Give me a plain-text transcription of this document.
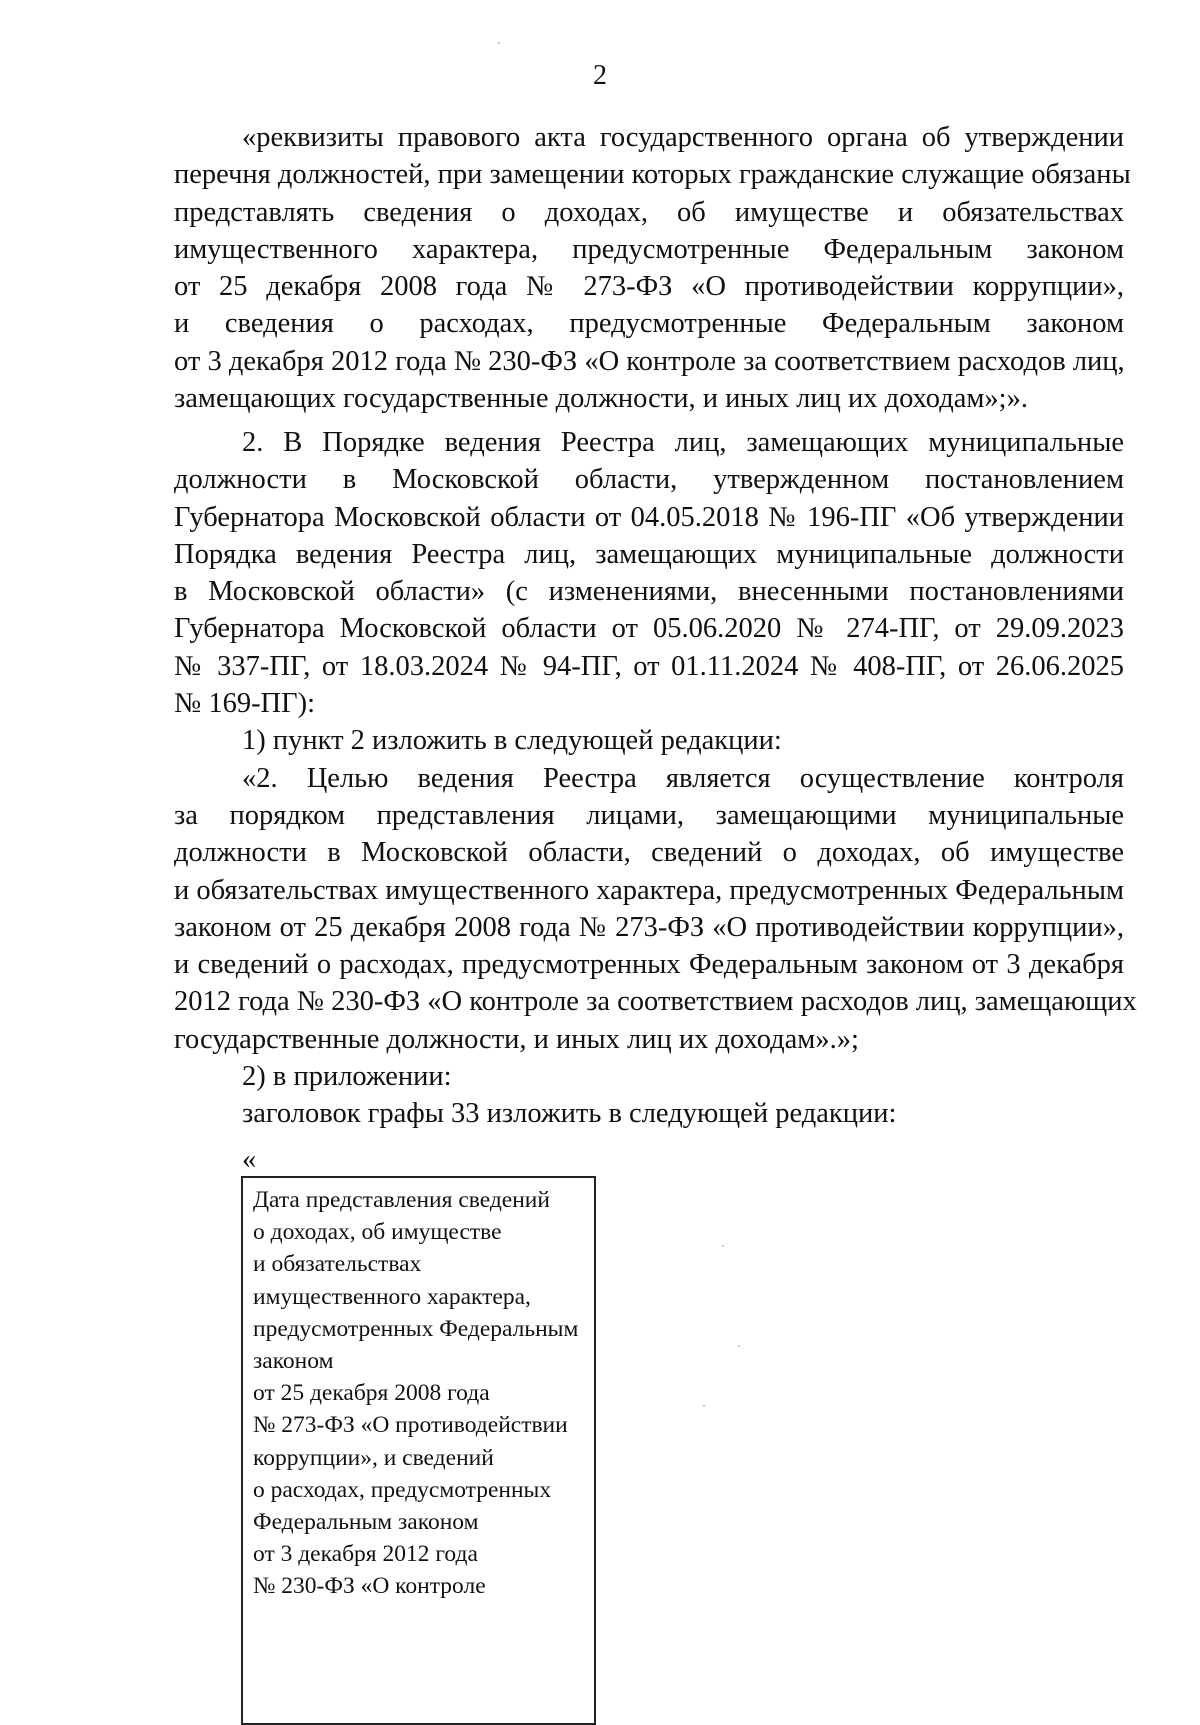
2
«реквизиты правового акта государственного органа об утверждении
перечня должностей, при замещении которых гражданские служащие обязаны
представлять сведения о доходах, об имуществе и обязательствах
имущественного характера, предусмотренные Федеральным законом
от 25 декабря 2008 года № 273-ФЗ «О противодействии коррупции»,
и сведения о расходах, предусмотренные Федеральным законом
от 3 декабря 2012 года № 230-ФЗ «О контроле за соответствием расходов лиц,
замещающих государственные должности, и иных лиц их доходам»;».
2. В Порядке ведения Реестра лиц, замещающих муниципальные
должности в Московской области, утвержденном постановлением
Губернатора Московской области от 04.05.2018 № 196-ПГ «Об утверждении
Порядка ведения Реестра лиц, замещающих муниципальные должности
в Московской области» (с изменениями, внесенными постановлениями
Губернатора Московской области от 05.06.2020 № 274-ПГ, от 29.09.2023
№ 337-ПГ, от 18.03.2024 № 94-ПГ, от 01.11.2024 № 408-ПГ, от 26.06.2025
№ 169-ПГ):
1) пункт 2 изложить в следующей редакции:
«2. Целью ведения Реестра является осуществление контроля
за порядком представления лицами, замещающими муниципальные
должности в Московской области, сведений о доходах, об имуществе
и обязательствах имущественного характера, предусмотренных Федеральным
законом от 25 декабря 2008 года № 273-ФЗ «О противодействии коррупции»,
и сведений о расходах, предусмотренных Федеральным законом от 3 декабря
2012 года № 230-ФЗ «О контроле за соответствием расходов лиц, замещающих
государственные должности, и иных лиц их доходам».»;
2) в приложении:
заголовок графы 33 изложить в следующей редакции:
«
Дата представления сведений
о доходах, об имуществе
и обязательствах
имущественного характера,
предусмотренных Федеральным
законом
от 25 декабря 2008 года
№ 273-ФЗ «О противодействии
коррупции», и сведений
о расходах, предусмотренных
Федеральным законом
от 3 декабря 2012 года
№ 230-ФЗ «О контроле
